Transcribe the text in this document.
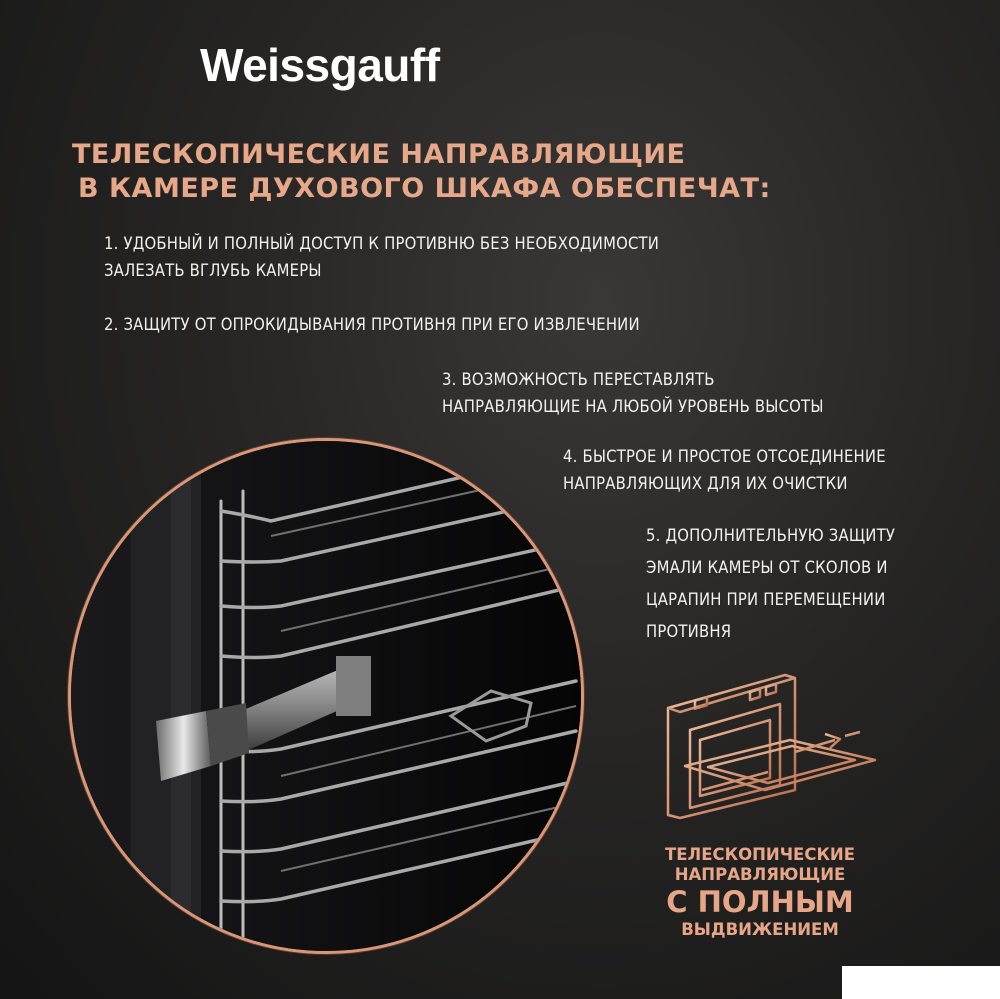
Weissgauff
ТЕЛЕСКОПИЧЕСКИЕ НАПРАВЛЯЮЩИЕ
В КАМЕРЕ ДУХОВОГО ШКАФА ОБЕСПЕЧАТ:
1. УДОБНЫЙ И ПОЛНЫЙ ДОСТУП К ПРОТИВНЮ БЕЗ НЕОБХОДИМОСТИ
ЗАЛЕЗАТЬ ВГЛУБЬ КАМЕРЫ
2. ЗАЩИТУ ОТ ОПРОКИДЫВАНИЯ ПРОТИВНЯ ПРИ ЕГО ИЗВЛЕЧЕНИИ
3. ВОЗМОЖНОСТЬ ПЕРЕСТАВЛЯТЬ
НАПРАВЛЯЮЩИЕ НА ЛЮБОЙ УРОВЕНЬ ВЫСОТЫ
4. БЫСТРОЕ И ПРОСТОЕ ОТСОЕДИНЕНИЕ
НАПРАВЛЯЮЩИХ ДЛЯ ИХ ОЧИСТКИ
5. ДОПОЛНИТЕЛЬНУЮ ЗАЩИТУ
ЭМАЛИ КАМЕРЫ ОТ СКОЛОВ И
ЦАРАПИН ПРИ ПЕРЕМЕЩЕНИИ
ПРОТИВНЯ
ТЕЛЕСКОПИЧЕСКИЕ
НАПРАВЛЯЮЩИЕ
С ПОЛНЫМ
ВЫДВИЖЕНИЕМ
